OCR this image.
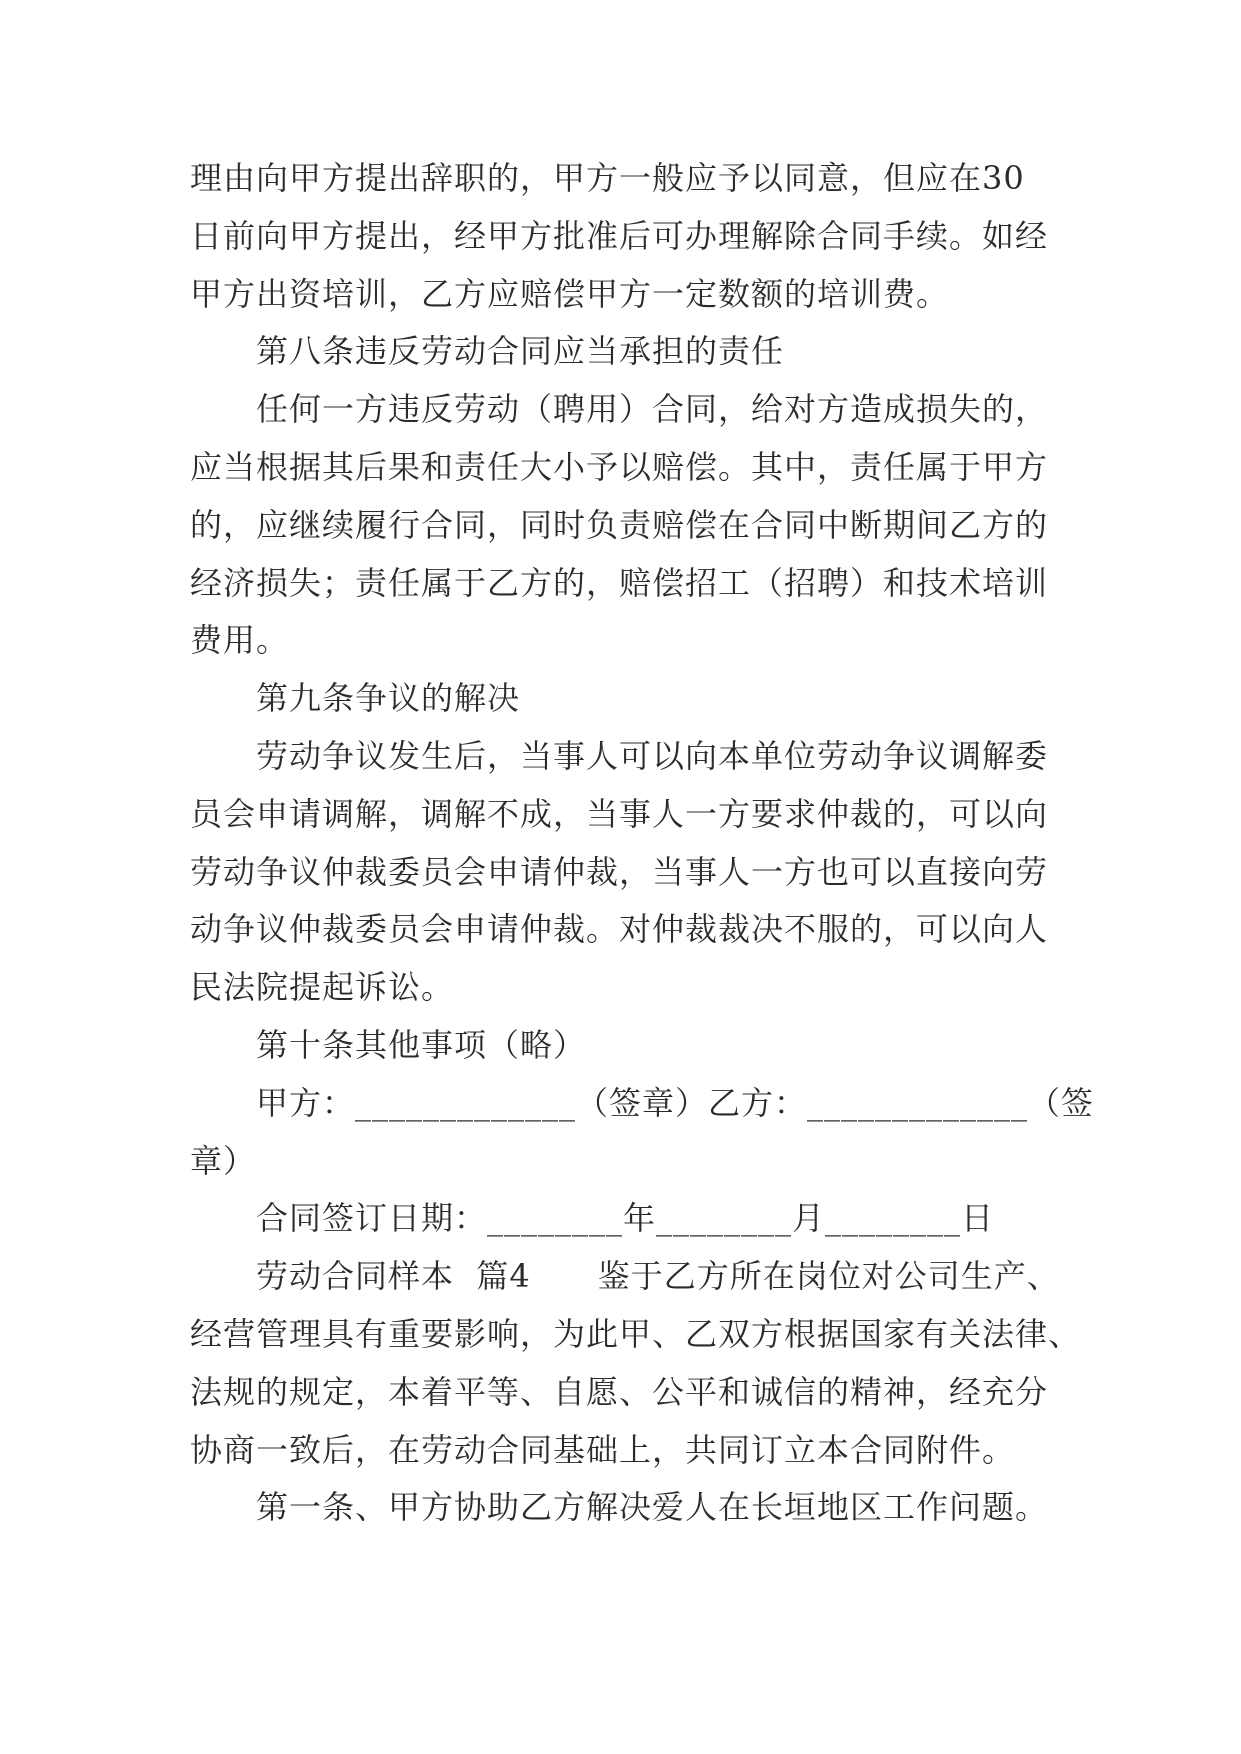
理由向甲方提出辞职的，甲方一般应予以同意，但应在30
日前向甲方提出，经甲方批准后可办理解除合同手续。如经
甲方出资培训，乙方应赔偿甲方一定数额的培训费。
第八条违反劳动合同应当承担的责任
任何一方违反劳动（聘用）合同，给对方造成损失的，
应当根据其后果和责任大小予以赔偿。其中，责任属于甲方
的，应继续履行合同，同时负责赔偿在合同中断期间乙方的
经济损失；责任属于乙方的，赔偿招工（招聘）和技术培训
费用。
第九条争议的解决
劳动争议发生后，当事人可以向本单位劳动争议调解委
员会申请调解，调解不成，当事人一方要求仲裁的，可以向
劳动争议仲裁委员会申请仲裁，当事人一方也可以直接向劳
动争议仲裁委员会申请仲裁。对仲裁裁决不服的，可以向人
民法院提起诉讼。
第十条其他事项（略）
甲方：_____________（签章）乙方：_____________（签
章）
合同签订日期：________年________月________日
劳动合同样本  篇4      鉴于乙方所在岗位对公司生产、
经营管理具有重要影响，为此甲、乙双方根据国家有关法律、
法规的规定，本着平等、自愿、公平和诚信的精神，经充分
协商一致后，在劳动合同基础上，共同订立本合同附件。
第一条、甲方协助乙方解决爱人在长垣地区工作问题。
